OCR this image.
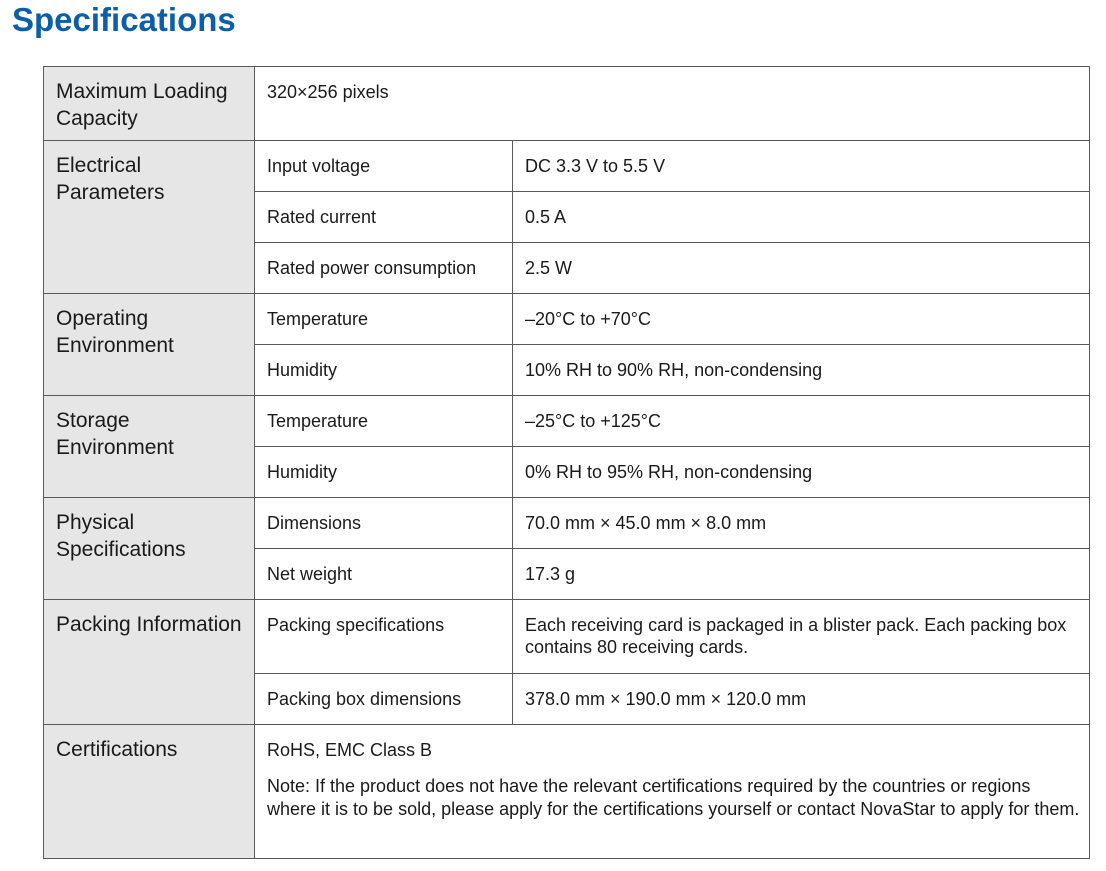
Specifications
Maximum Loading Capacity	320×256 pixels	
Electrical Parameters	Input voltage	DC 3.3 V to 5.5 V
	Rated current	0.5 A
	Rated power consumption	2.5 W
Operating Environment	Temperature	–20°C to +70°C
	Humidity	10% RH to 90% RH, non-condensing
Storage Environment	Temperature	–25°C to +125°C
	Humidity	0% RH to 95% RH, non-condensing
Physical Specifications	Dimensions	70.0 mm × 45.0 mm × 8.0 mm
	Net weight	17.3 g
Packing Information	Packing specifications	Each receiving card is packaged in a blister pack. Each packing box contains 80 receiving cards.
	Packing box dimensions	378.0 mm × 190.0 mm × 120.0 mm
Certifications	RoHS, EMC Class B
Note: If the product does not have the relevant certifications required by the countries or regions where it is to be sold, please apply for the certifications yourself or contact NovaStar to apply for them.	
